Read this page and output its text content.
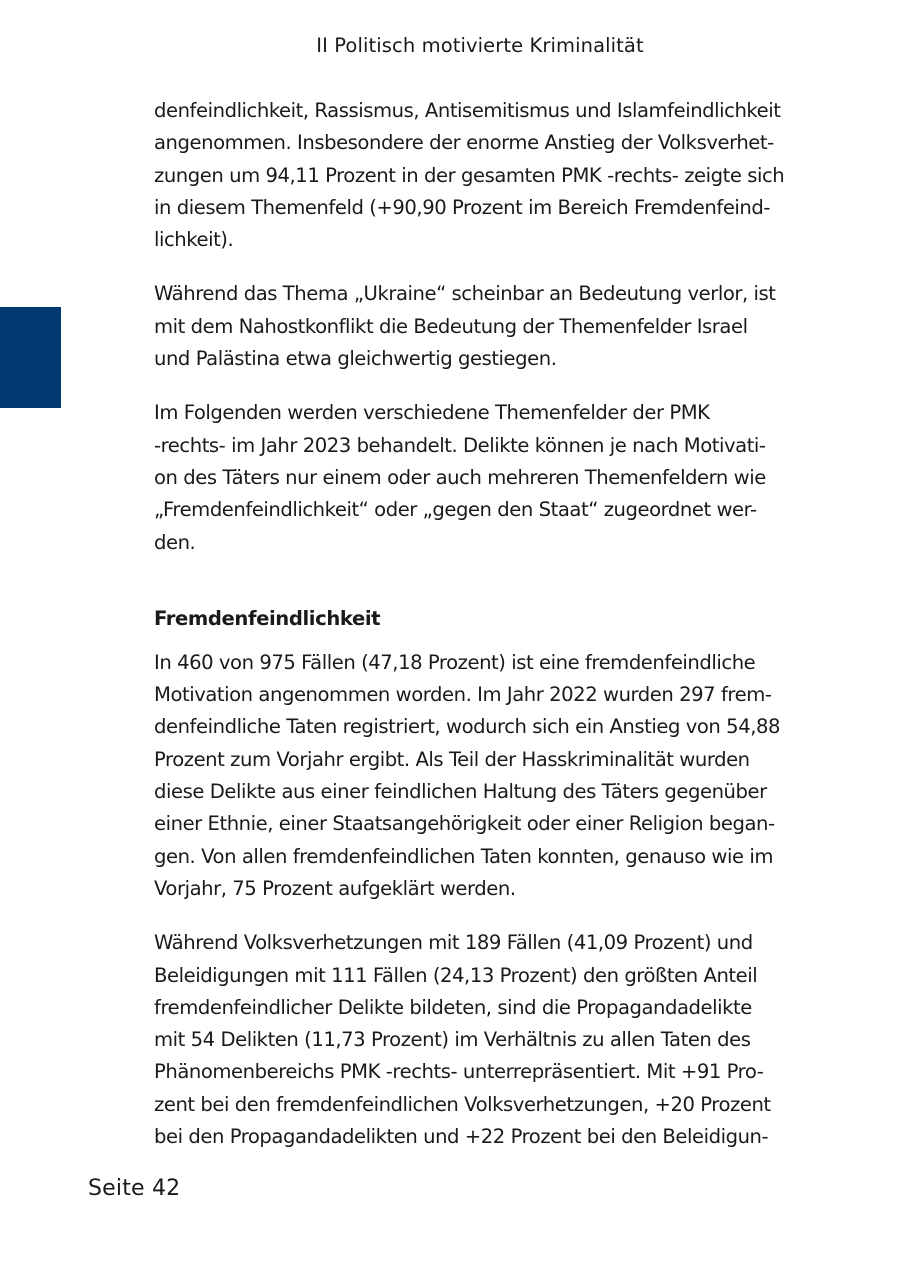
II Politisch motivierte Kriminalität

denfeindlichkeit, Rassismus, Antisemitismus und Islamfeindlichkeit
angenommen. Insbesondere der enorme Anstieg der Volksverhet-
zungen um 94,11 Prozent in der gesamten PMK -rechts- zeigte sich
in diesem Themenfeld (+90,90 Prozent im Bereich Fremdenfeind-
lichkeit).

Während das Thema „Ukraine“ scheinbar an Bedeutung verlor, ist
mit dem Nahostkonflikt die Bedeutung der Themenfelder Israel
und Palästina etwa gleichwertig gestiegen.

Im Folgenden werden verschiedene Themenfelder der PMK
-rechts- im Jahr 2023 behandelt. Delikte können je nach Motivati-
on des Täters nur einem oder auch mehreren Themenfeldern wie
„Fremdenfeindlichkeit“ oder „gegen den Staat“ zugeordnet wer-
den.

Fremdenfeindlichkeit

In 460 von 975 Fällen (47,18 Prozent) ist eine fremdenfeindliche
Motivation angenommen worden. Im Jahr 2022 wurden 297 frem-
denfeindliche Taten registriert, wodurch sich ein Anstieg von 54,88
Prozent zum Vorjahr ergibt. Als Teil der Hasskriminalität wurden
diese Delikte aus einer feindlichen Haltung des Täters gegenüber
einer Ethnie, einer Staatsangehörigkeit oder einer Religion began-
gen. Von allen fremdenfeindlichen Taten konnten, genauso wie im
Vorjahr, 75 Prozent aufgeklärt werden.

Während Volksverhetzungen mit 189 Fällen (41,09 Prozent) und
Beleidigungen mit 111 Fällen (24,13 Prozent) den größten Anteil
fremdenfeindlicher Delikte bildeten, sind die Propagandadelikte
mit 54 Delikten (11,73 Prozent) im Verhältnis zu allen Taten des
Phänomenbereichs PMK -rechts- unterrepräsentiert. Mit +91 Pro-
zent bei den fremdenfeindlichen Volksverhetzungen, +20 Prozent
bei den Propagandadelikten und +22 Prozent bei den Beleidigun-

Seite 42
